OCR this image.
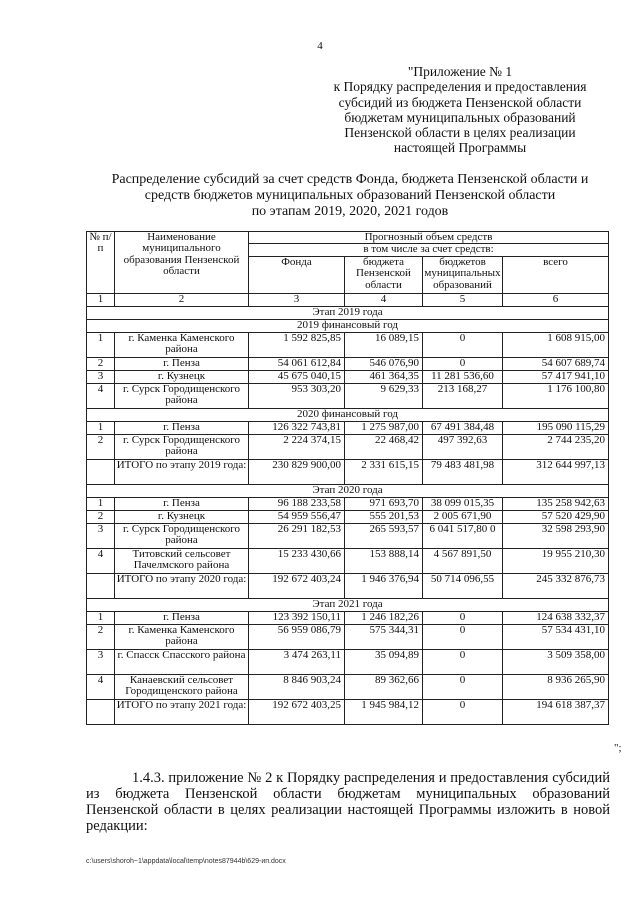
4
"Приложение № 1
к Порядку распределения и предоставления
субсидий из бюджета Пензенской области
бюджетам муниципальных образований
Пензенской области в целях реализации
настоящей Программы
Распределение субсидий за счет средств Фонда, бюджета Пензенской области и
средств бюджетов муниципальных образований Пензенской области
по этапам 2019, 2020, 2021 годов
№ п/п	Наименование муниципального образования Пензенской области	Прогнозный объем средств			
		в том числе за счет средств:			
		Фонда	бюджета Пензенской области	бюджетов муниципальных образований	всего
1	2	3	4	5	6
Этап 2019 года					
2019 финансовый год					
1	г. Каменка Каменского района	1 592 825,85	16 089,15	0	1 608 915,00
2	г. Пенза	54 061 612,84	546 076,90	0	54 607 689,74
3	г. Кузнецк	45 675 040,15	461 364,35	11 281 536,60	57 417 941,10
4	г. Сурск Городищенского района	953 303,20	9 629,33	213 168,27	1 176 100,80
2020 финансовый год					
1	г. Пенза	126 322 743,81	1 275 987,00	67 491 384,48	195 090 115,29
2	г. Сурск Городищенского района	2 224 374,15	22 468,42	497 392,63	2 744 235,20
	ИТОГО по этапу 2019 года:	230 829 900,00	2 331 615,15	79 483 481,98	312 644 997,13
Этап 2020 года					
1	г. Пенза	96 188 233,58	971 693,70	38 099 015,35	135 258 942,63
2	г. Кузнецк	54 959 556,47	555 201,53	2 005 671,90	57 520 429,90
3	г. Сурск Городищенского района	26 291 182,53	265 593,57	6 041 517,80 0	32 598 293,90
4	Титовский сельсовет Пачелмского района	15 233 430,66	153 888,14	4 567 891,50	19 955 210,30
	ИТОГО по этапу 2020 года:	192 672 403,24	1 946 376,94	50 714 096,55	245 332 876,73
Этап 2021 года					
1	г. Пенза	123 392 150,11	1 246 182,26	0	124 638 332,37
2	г. Каменка Каменского района	56 959 086,79	575 344,31	0	57 534 431,10
3	г. Спасск Спасского района	3 474 263,11	35 094,89	0	3 509 358,00
4	Канаевский сельсовет Городищенского района	8 846 903,24	89 362,66	0	8 936 265,90
	ИТОГО по этапу 2021 года:	192 672 403,25	1 945 984,12	0	194 618 387,37
";
1.4.3. приложение № 2 к Порядку распределения и предоставления субсидий из бюджета Пензенской области бюджетам муниципальных образований Пензенской области в целях реализации настоящей Программы изложить в новой редакции:
c:\users\shoroh~1\appdata\local\temp\notes87944b\629-ип.docx
